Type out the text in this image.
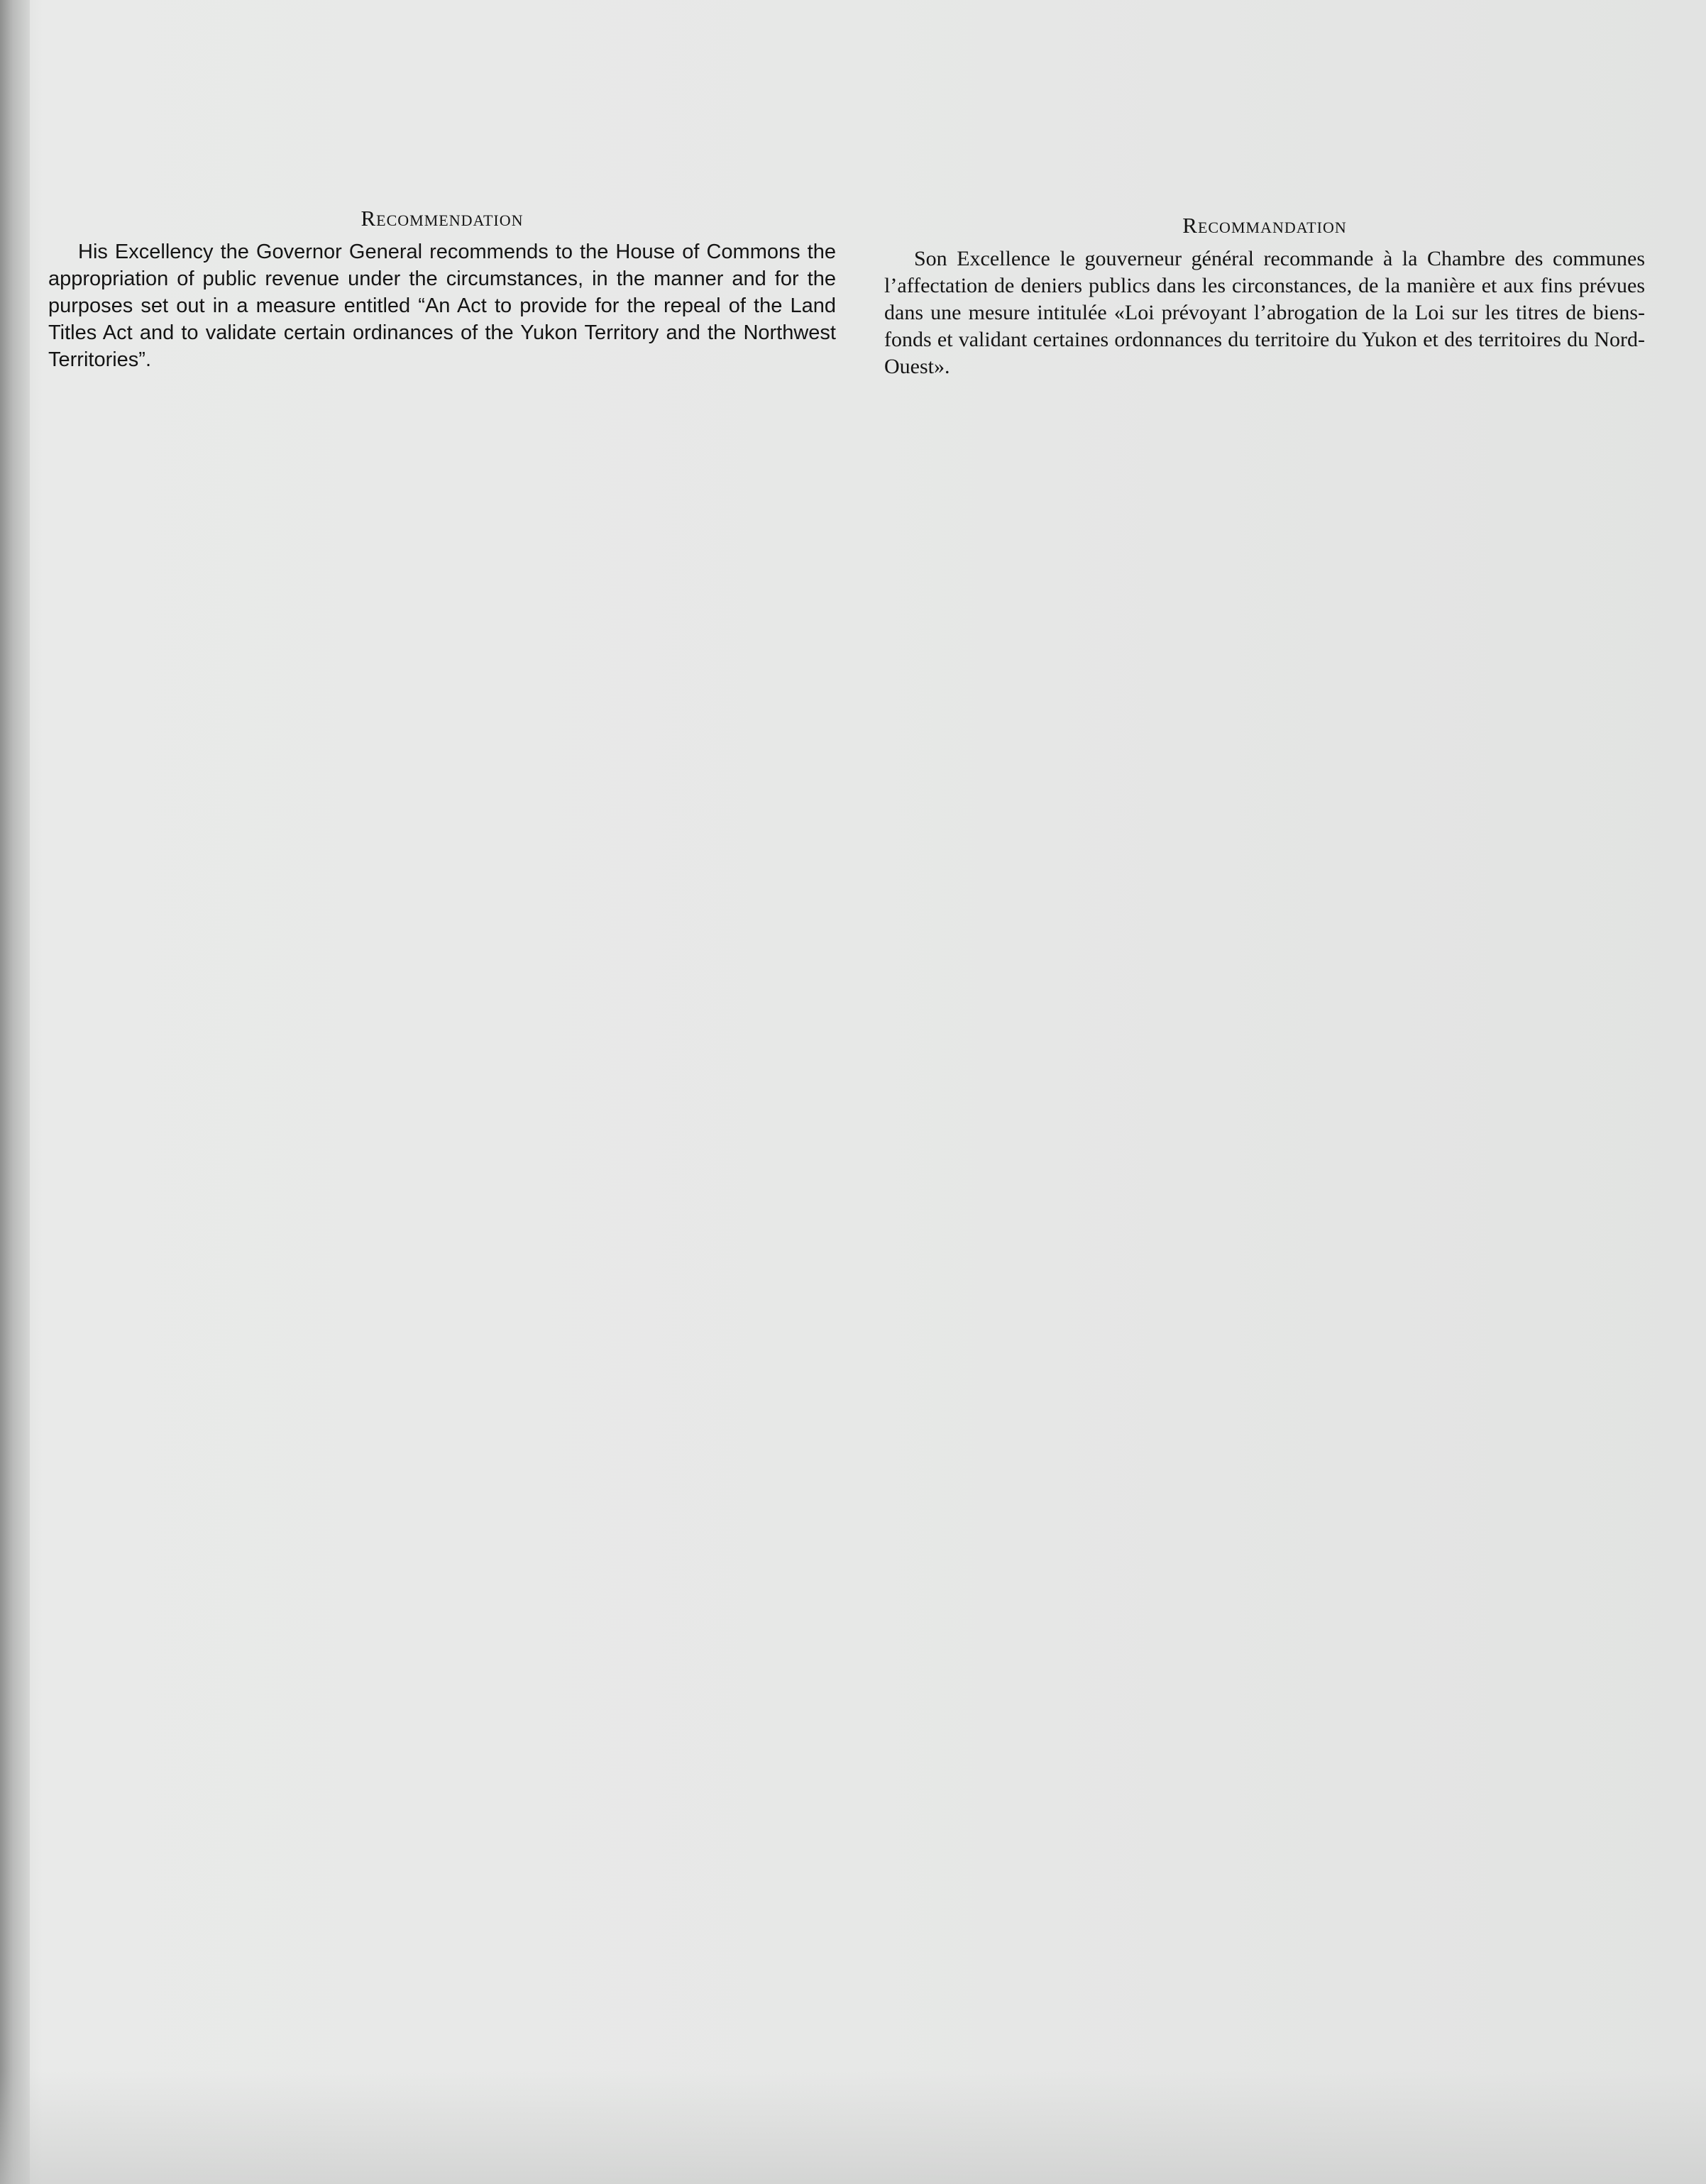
Recommendation

His Excellency the Governor General recommends to the House of Commons the appropriation of public revenue under the circumstances, in the manner and for the purposes set out in a measure entitled “An Act to provide for the repeal of the Land Titles Act and to validate certain ordinances of the Yukon Territory and the Northwest Territories”.

Recommandation

Son Excellence le gouverneur général recommande à la Chambre des communes l’affectation de deniers publics dans les circonstances, de la manière et aux fins prévues dans une mesure intitulée «Loi prévoyant l’abrogation de la Loi sur les titres de biens-fonds et validant certaines ordonnances du territoire du Yukon et des territoires du Nord-Ouest».
